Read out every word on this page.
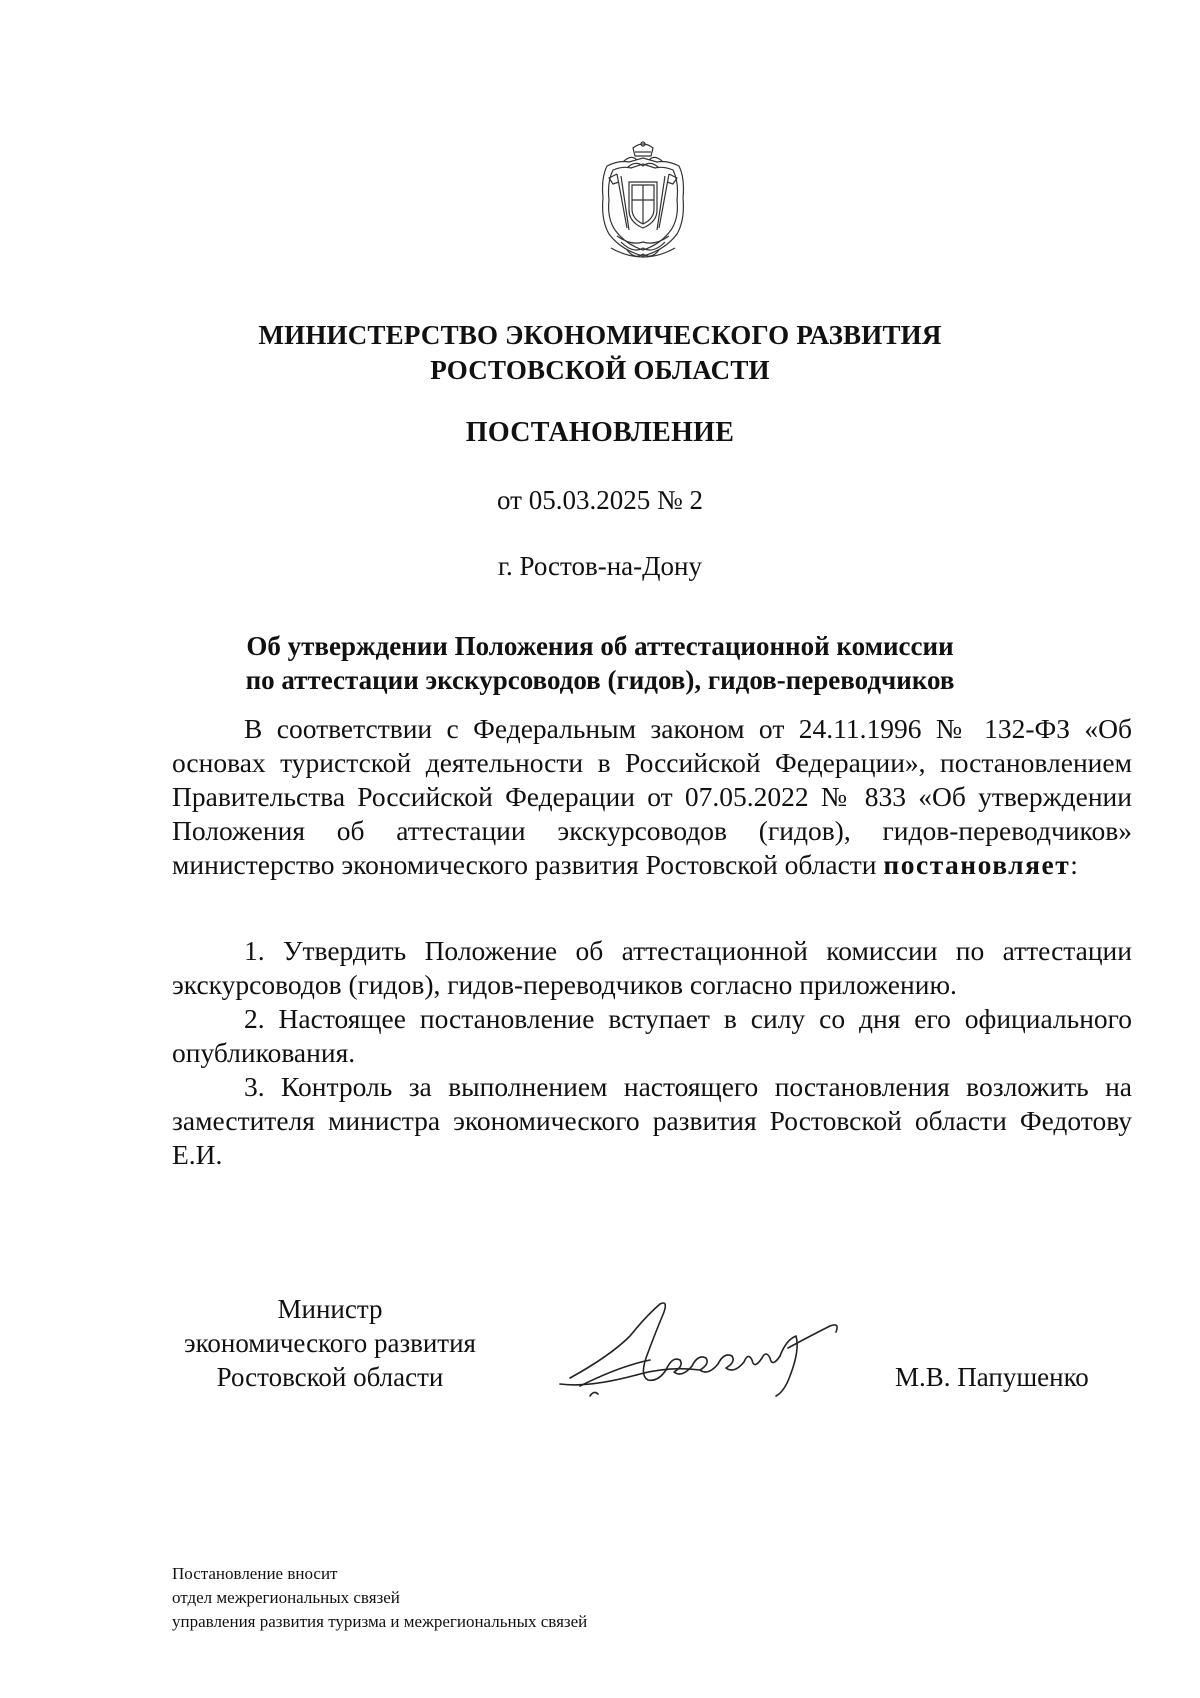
МИНИСТЕРСТВО ЭКОНОМИЧЕСКОГО РАЗВИТИЯ
РОСТОВСКОЙ ОБЛАСТИ
ПОСТАНОВЛЕНИЕ
от 05.03.2025 № 2
г. Ростов-на-Дону
Об утверждении Положения об аттестационной комиссии
по аттестации экскурсоводов (гидов), гидов-переводчиков

В соответствии с Федеральным законом от 24.11.1996 № 132-ФЗ «Об основах туристской деятельности в Российской Федерации», постановлением Правительства Российской Федерации от 07.05.2022 № 833 «Об утверждении Положения об аттестации экскурсоводов (гидов), гидов-переводчиков» министерство экономического развития Ростовской области постановляет:

1. Утвердить Положение об аттестационной комиссии по аттестации экскурсоводов (гидов), гидов-переводчиков согласно приложению.

2. Настоящее постановление вступает в силу со дня его официального опубликования.

3. Контроль за выполнением настоящего постановления возложить на заместителя министра экономического развития Ростовской области Федотову Е.И.

Министр
экономического развития
Ростовской области	М.В. Папушенко
Постановление вносит
отдел межрегиональных связей
управления развития туризма и межрегиональных связей
